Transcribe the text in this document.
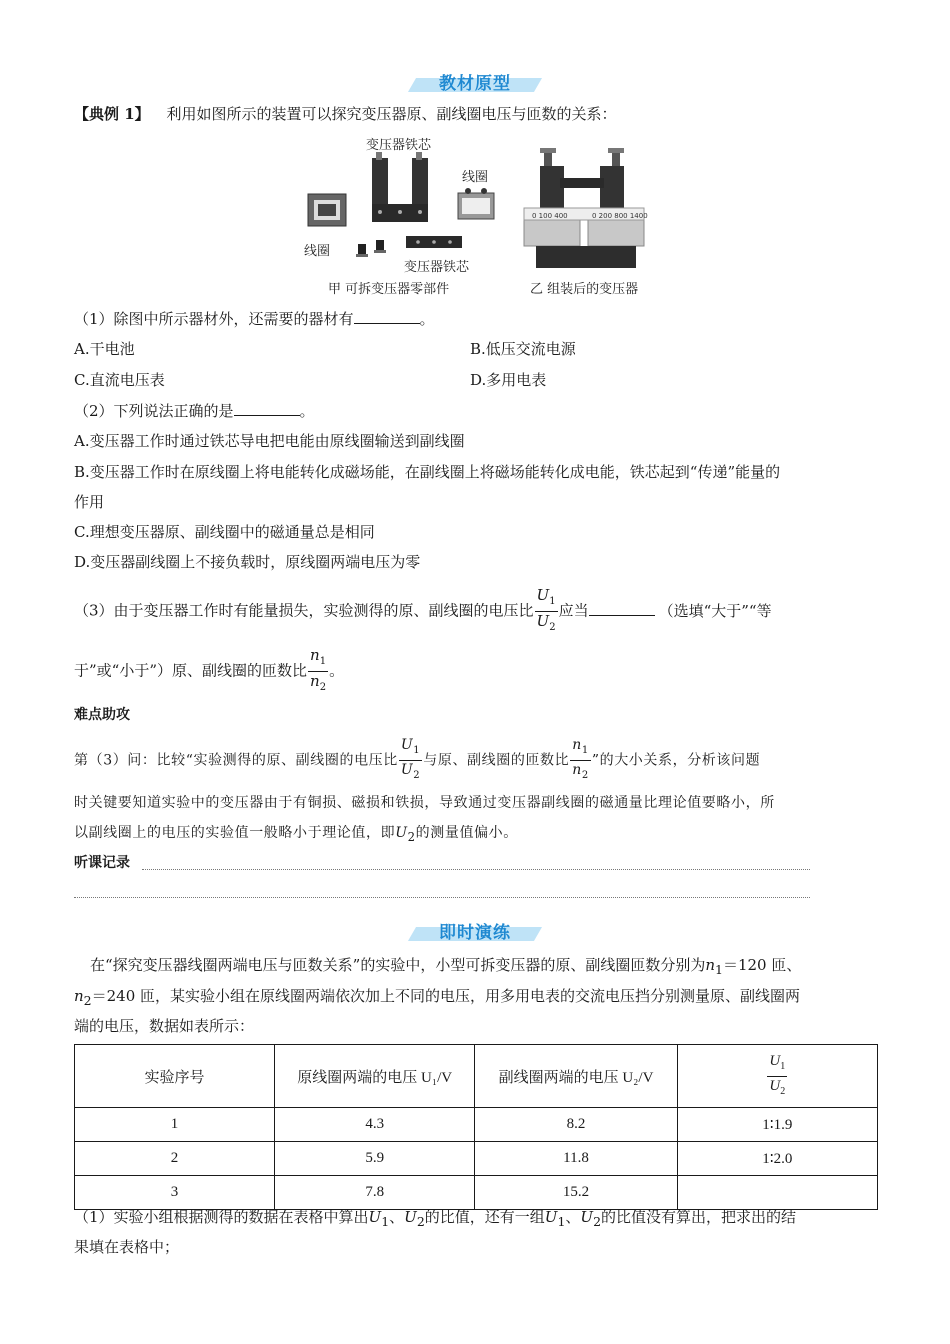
教材原型
【典例 1】 利用如图所示的装置可以探究变压器原、副线圈电压与匝数的关系：
0 100 400	0 200 800 1400
变压器铁芯
线圈
线圈
变压器铁芯
甲 可拆变压器零部件	乙 组装后的变压器
（1）除图中所示器材外，还需要的器材有	。
A.干电池	B.低压交流电源
C.直流电压表	D.多用电表
（2）下列说法正确的是	。
A.变压器工作时通过铁芯导电把电能由原线圈输送到副线圈
B.变压器工作时在原线圈上将电能转化成磁场能，在副线圈上将磁场能转化成电能，铁芯起到“传递”能量的
作用
C.理想变压器原、副线圈中的磁通量总是相同
D.变压器副线圈上不接负载时，原线圈两端电压为零
（3）由于变压器工作时有能量损失，实验测得的原、副线圈的电压比 $\frac{U_1}{U_2}$ 应当	（选填“大于”“等
于”或“小于”）原、副线圈的匝数比 $\frac{n_1}{n_2}$ 。
难点助攻
第（3）问：比较“实验测得的原、副线圈的电压比 $\frac{U_1}{U_2}$ 与原、副线圈的匝数比 $\frac{n_1}{n_2}$ ”的大小关系，分析该问题
时关键要知道实验中的变压器由于有铜损、磁损和铁损，导致通过变压器副线圈的磁通量比理论值要略小，所
以副线圈上的电压的实验值一般略小于理论值，即$U_2$的测量值偏小。
听课记录
即时演练
在“探究变压器线圈两端电压与匝数关系”的实验中，小型可拆变压器的原、副线圈匝数分别为$n_1=120$ 匝、
$n_2=240$ 匝，某实验小组在原线圈两端依次加上不同的电压，用多用电表的交流电压挡分别测量原、副线圈两
端的电压，数据如表所示：
实验序号	原线圈两端的电压 U₁/V	副线圈两端的电压 U₂/V	$\frac{U_1}{U_2}$

1	4.3	8.2	1∶1.9
2	5.9	11.8	1∶2.0
3	7.8	15.2	
（1）实验小组根据测得的数据在表格中算出$U_1$、$U_2$的比值，还有一组$U_1$、$U_2$的比值没有算出，把求出的结
果填在表格中；
